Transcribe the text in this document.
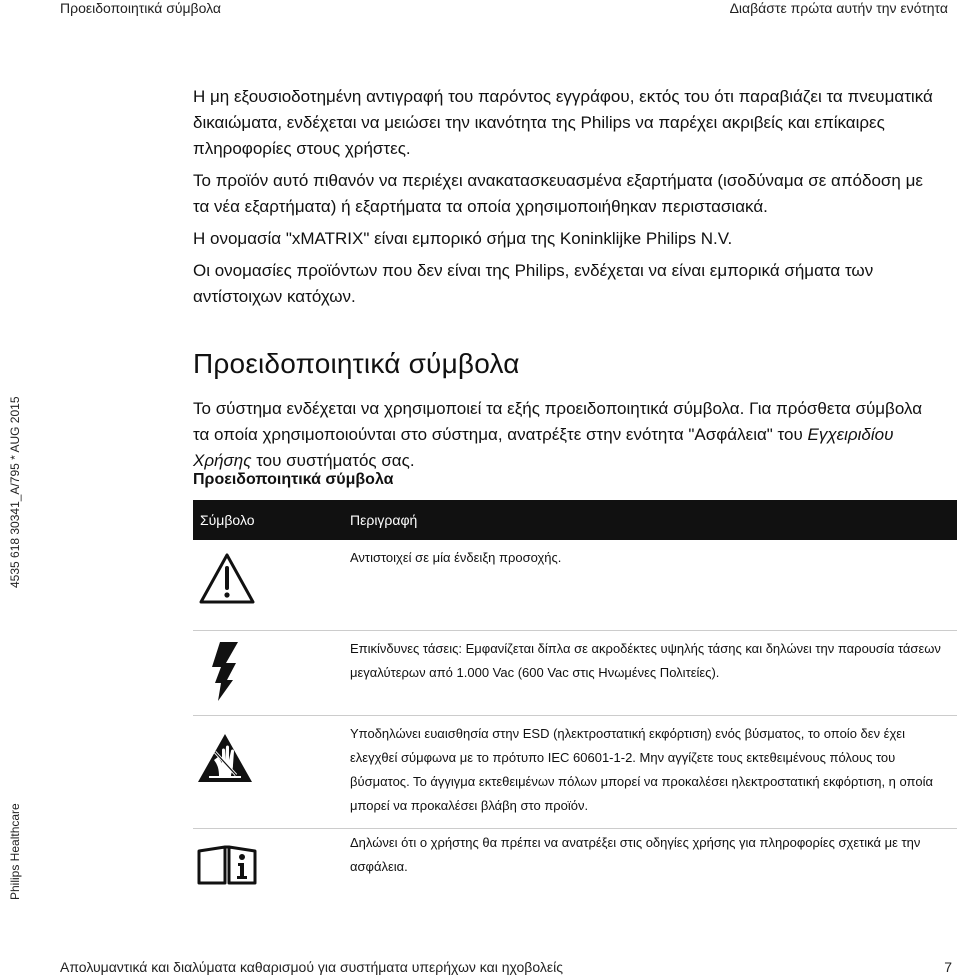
Προειδοποιητικά σύμβολα	Διαβάστε πρώτα αυτήν την ενότητα
4535 618 30341_A/795 * AUG 2015
Philips Healthcare

Η μη εξουσιοδοτημένη αντιγραφή του παρόντος εγγράφου, εκτός του ότι παραβιάζει τα πνευματικά δικαιώματα, ενδέχεται να μειώσει την ικανότητα της Philips να παρέχει ακριβείς και επίκαιρες πληροφορίες στους χρήστες.

Το προϊόν αυτό πιθανόν να περιέχει ανακατασκευασμένα εξαρτήματα (ισοδύναμα σε απόδοση με τα νέα εξαρτήματα) ή εξαρτήματα τα οποία χρησιμοποιήθηκαν περιστασιακά.

Η ονομασία "xMATRIX" είναι εμπορικό σήμα της Koninklijke Philips N.V.

Οι ονομασίες προϊόντων που δεν είναι της Philips, ενδέχεται να είναι εμπορικά σήματα των αντίστοιχων κατόχων.

Προειδοποιητικά σύμβολα

Το σύστημα ενδέχεται να χρησιμοποιεί τα εξής προειδοποιητικά σύμβολα. Για πρόσθετα σύμβολα τα οποία χρησιμοποιούνται στο σύστημα, ανατρέξτε στην ενότητα "Ασφάλεια" του Εγχειριδίου Χρήσης του συστήματός σας.

Προειδοποιητικά σύμβολα
Σύμβολο	Περιγραφή
Αντιστοιχεί σε μία ένδειξη προσοχής.
Επικίνδυνες τάσεις: Εμφανίζεται δίπλα σε ακροδέκτες υψηλής τάσης και δηλώνει την παρουσία τάσεων μεγαλύτερων από 1.000 Vac (600 Vac στις Ηνωμένες Πολιτείες).
Υποδηλώνει ευαισθησία στην ESD (ηλεκτροστατική εκφόρτιση) ενός βύσματος, το οποίο δεν έχει ελεγχθεί σύμφωνα με το πρότυπο IEC 60601-1-2. Μην αγγίζετε τους εκτεθειμένους πόλους του βύσματος. Το άγγιγμα εκτεθειμένων πόλων μπορεί να προκαλέσει ηλεκτροστατική εκφόρτιση, η οποία μπορεί να προκαλέσει βλάβη στο προϊόν.
Δηλώνει ότι ο χρήστης θα πρέπει να ανατρέξει στις οδηγίες χρήσης για πληροφορίες σχετικά με την ασφάλεια.
Απολυμαντικά και διαλύματα καθαρισμού για συστήματα υπερήχων και ηχοβολείς	7
